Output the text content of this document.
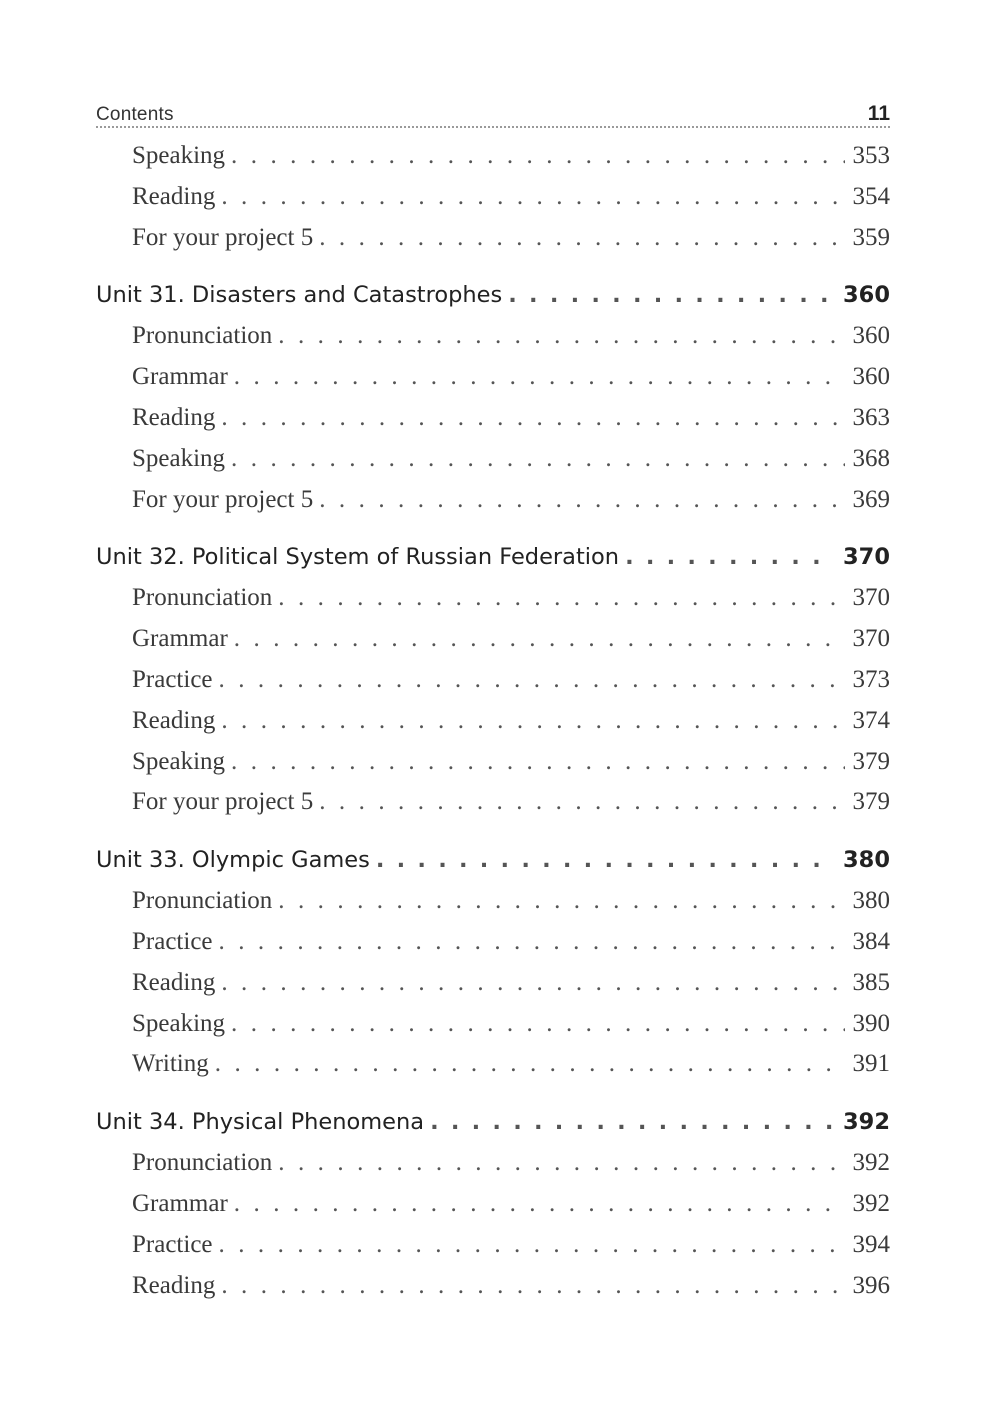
Contents	11
Speaking . . .	353
Reading . . .	354
For your project 5 . . .	359
Unit 31. Disasters and Catastrophes . . .	360
Pronunciation . . .	360
Grammar . . .	360
Reading . . .	363
Speaking . . .	368
For your project 5 . . .	369
Unit 32. Political System of Russian Federation . . .	370
Pronunciation . . .	370
Grammar . . .	370
Practice . . .	373
Reading . . .	374
Speaking . . .	379
For your project 5 . . .	379
Unit 33. Olympic Games . . .	380
Pronunciation . . .	380
Practice . . .	384
Reading . . .	385
Speaking . . .	390
Writing . . .	391
Unit 34. Physical Phenomena . . .	392
Pronunciation . . .	392
Grammar . . .	392
Practice . . .	394
Reading . . .	396
